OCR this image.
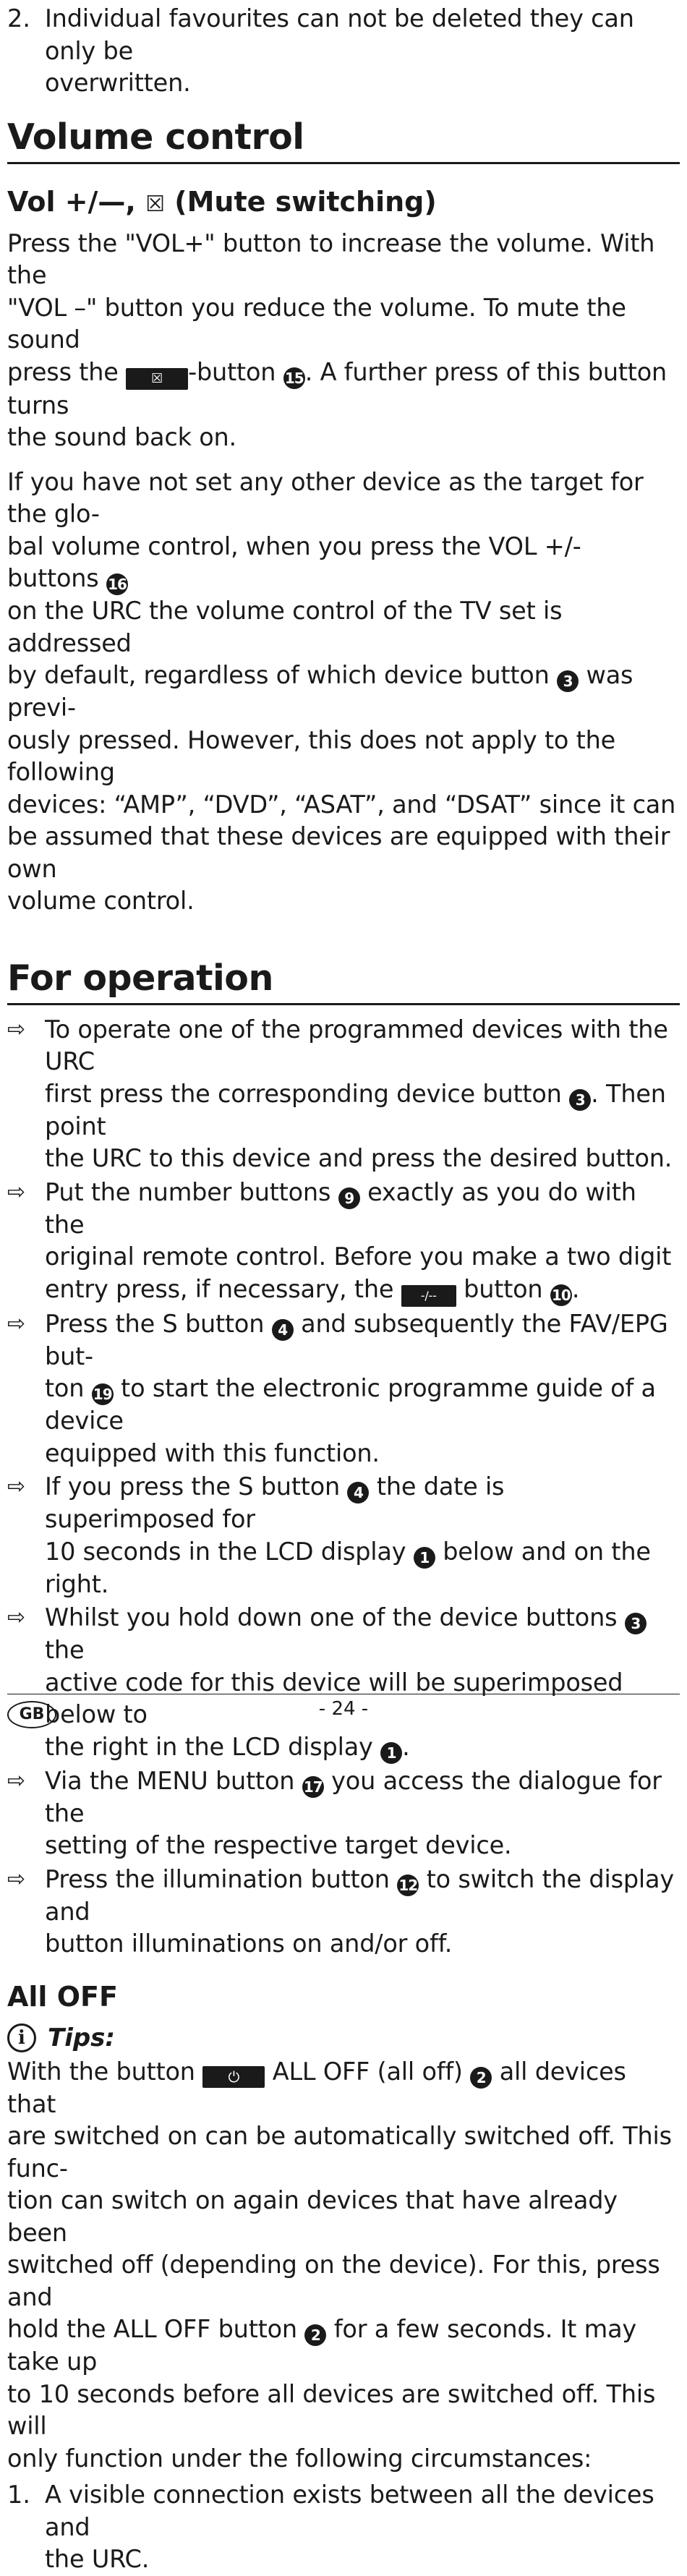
2. Individual favourites can not be deleted they can only be

overwritten.

Volume control
Vol +/—, ☒ (Mute switching)

Press the "VOL+" button to increase the volume. With the

"VOL –" button you reduce the volume. To mute the sound

press the ☒ -button 15. A further press of this button turns

the sound back on.

If you have not set any other device as the target for the glo-

bal volume control, when you press the VOL +/- buttons 16

on the URC the volume control of the TV set is addressed

by default, regardless of which device button 3 was previ-

ously pressed. However, this does not apply to the following

devices: “AMP”, “DVD”, “ASAT”, and “DSAT” since it can

be assumed that these devices are equipped with their own

volume control.

For operation
⇨ To operate one of the programmed devices with the URC

first press the corresponding device button 3 . Then point

the URC to this device and press the desired button.

⇨ Put the number buttons 9 exactly as you do with the

original remote control. Before you make a two digit

entry press, if necessary, the -/-- button 10.

⇨ Press the S button 4 and subsequently the FAV/EPG but-

ton 19 to start the electronic programme guide of a device

equipped with this function.

⇨ If you press the S button 4 the date is superimposed for

10 seconds in the LCD display 1 below and on the right.

⇨ Whilst you hold down one of the device buttons 3 the

active code for this device will be superimposed below to

the right in the LCD display 1 .

⇨ Via the MENU button 17 you access the dialogue for the

setting of the respective target device.

⇨ Press the illumination button 12 to switch the display and

button illuminations on and/or off.

All OFF
i Tips:

With the button ⏻ ALL OFF (all off) 2 all devices that

are switched on can be automatically switched off. This func-

tion can switch on again devices that have already been

switched off (depending on the device). For this, press and

hold the ALL OFF button 2 for a few seconds. It may take up

to 10 seconds before all devices are switched off. This will

only function under the following circumstances:

1. A visible connection exists between all the devices and

the URC.

GB	- 24 -
